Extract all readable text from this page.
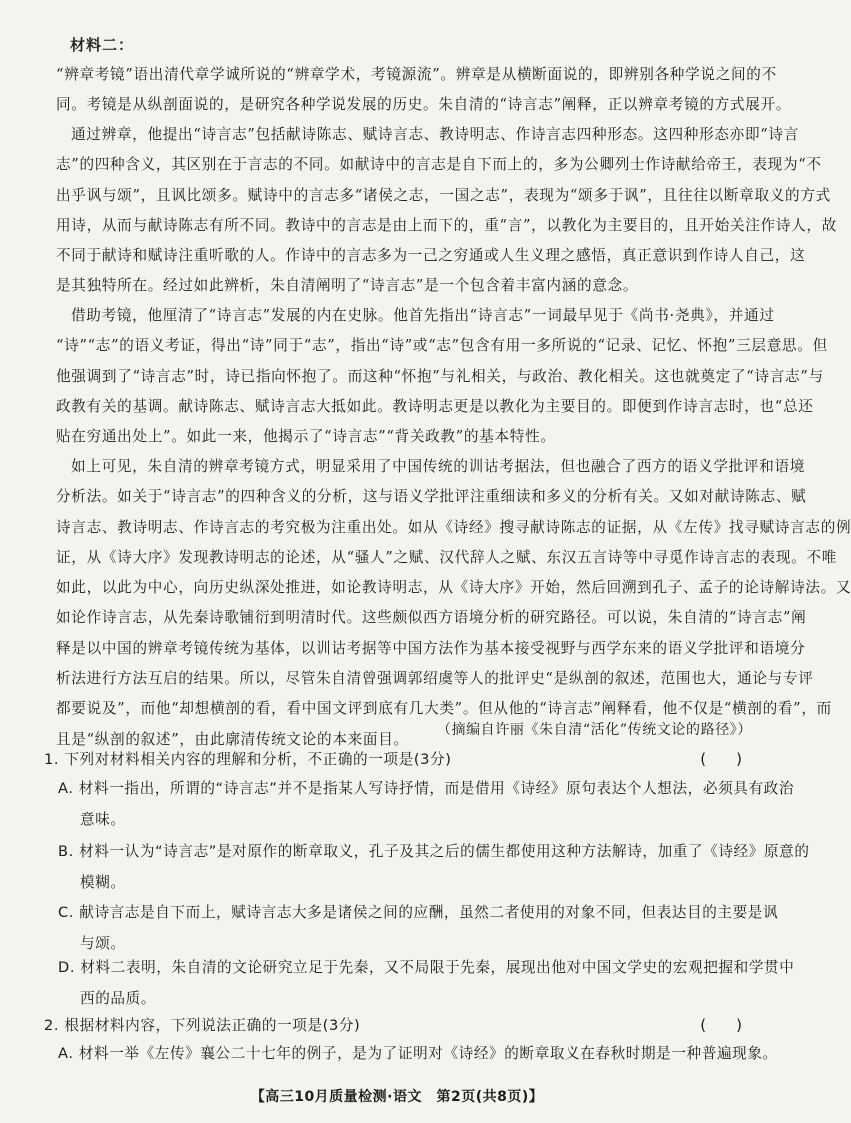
材料二：

“辨章考镜”语出清代章学诚所说的“辨章学术，考镜源流”。辨章是从横断面说的，即辨别各种学说之间的不
同。考镜是从纵剖面说的，是研究各种学说发展的历史。朱自清的“诗言志”阐释，正以辨章考镜的方式展开。

通过辨章，他提出“诗言志”包括献诗陈志、赋诗言志、教诗明志、作诗言志四种形态。这四种形态亦即“诗言
志”的四种含义，其区别在于言志的不同。如献诗中的言志是自下而上的，多为公卿列士作诗献给帝王，表现为“不
出乎讽与颂”，且讽比颂多。赋诗中的言志多“诸侯之志，一国之志”，表现为“颂多于讽”，且往往以断章取义的方式
用诗，从而与献诗陈志有所不同。教诗中的言志是由上而下的，重“言”，以教化为主要目的，且开始关注作诗人，故
不同于献诗和赋诗注重听歌的人。作诗中的言志多为一己之穷通或人生义理之感悟，真正意识到作诗人自己，这
是其独特所在。经过如此辨析，朱自清阐明了“诗言志”是一个包含着丰富内涵的意念。

借助考镜，他厘清了“诗言志”发展的内在史脉。他首先指出“诗言志”一词最早见于《尚书·尧典》，并通过
“诗”“志”的语义考证，得出“诗”同于“志”，指出“诗”或“志”包含有用一多所说的“记录、记忆、怀抱”三层意思。但
他强调到了“诗言志”时，诗已指向怀抱了。而这种“怀抱”与礼相关，与政治、教化相关。这也就奠定了“诗言志”与
政教有关的基调。献诗陈志、赋诗言志大抵如此。教诗明志更是以教化为主要目的。即便到作诗言志时，也“总还
贴在穷通出处上”。如此一来，他揭示了“诗言志”“背关政教”的基本特性。

如上可见，朱自清的辨章考镜方式，明显采用了中国传统的训诂考据法，但也融合了西方的语义学批评和语境
分析法。如关于“诗言志”的四种含义的分析，这与语义学批评注重细读和多义的分析有关。又如对献诗陈志、赋
诗言志、教诗明志、作诗言志的考究极为注重出处。如从《诗经》搜寻献诗陈志的证据，从《左传》找寻赋诗言志的例
证，从《诗大序》发现教诗明志的论述，从“骚人”之赋、汉代辞人之赋、东汉五言诗等中寻觅作诗言志的表现。不唯
如此，以此为中心，向历史纵深处推进，如论教诗明志，从《诗大序》开始，然后回溯到孔子、孟子的论诗解诗法。又
如论作诗言志，从先秦诗歌铺衍到明清时代。这些颇似西方语境分析的研究路径。可以说，朱自清的“诗言志”阐
释是以中国的辨章考镜传统为基体，以训诂考据等中国方法作为基本接受视野与西学东来的语义学批评和语境分
析法进行方法互启的结果。所以，尽管朱自清曾强调郭绍虞等人的批评史“是纵剖的叙述，范围也大，通论与专评
都要说及”，而他“却想横剖的看，看中国文评到底有几大类”。但从他的“诗言志”阐释看，他不仅是“横剖的看”，而
且是“纵剖的叙述”，由此廓清传统文论的本来面目。

（摘编自许丽《朱自清“活化”传统文论的路径》）
1. 下列对材料相关内容的理解和分析，不正确的一项是(3分)	(　　)
A. 材料一指出，所谓的“诗言志”并不是指某人写诗抒情，而是借用《诗经》原句表达个人想法，必须具有政治
意味。
B. 材料一认为“诗言志”是对原作的断章取义，孔子及其之后的儒生都使用这种方法解诗，加重了《诗经》原意的
模糊。
C. 献诗言志是自下而上，赋诗言志大多是诸侯之间的应酬，虽然二者使用的对象不同，但表达目的主要是讽
与颂。
D. 材料二表明，朱自清的文论研究立足于先秦，又不局限于先秦，展现出他对中国文学史的宏观把握和学贯中
西的品质。
2. 根据材料内容，下列说法正确的一项是(3分)	(　　)
A. 材料一举《左传》襄公二十七年的例子，是为了证明对《诗经》的断章取义在春秋时期是一种普遍现象。
【高三10月质量检测·语文　第2页(共8页)】
